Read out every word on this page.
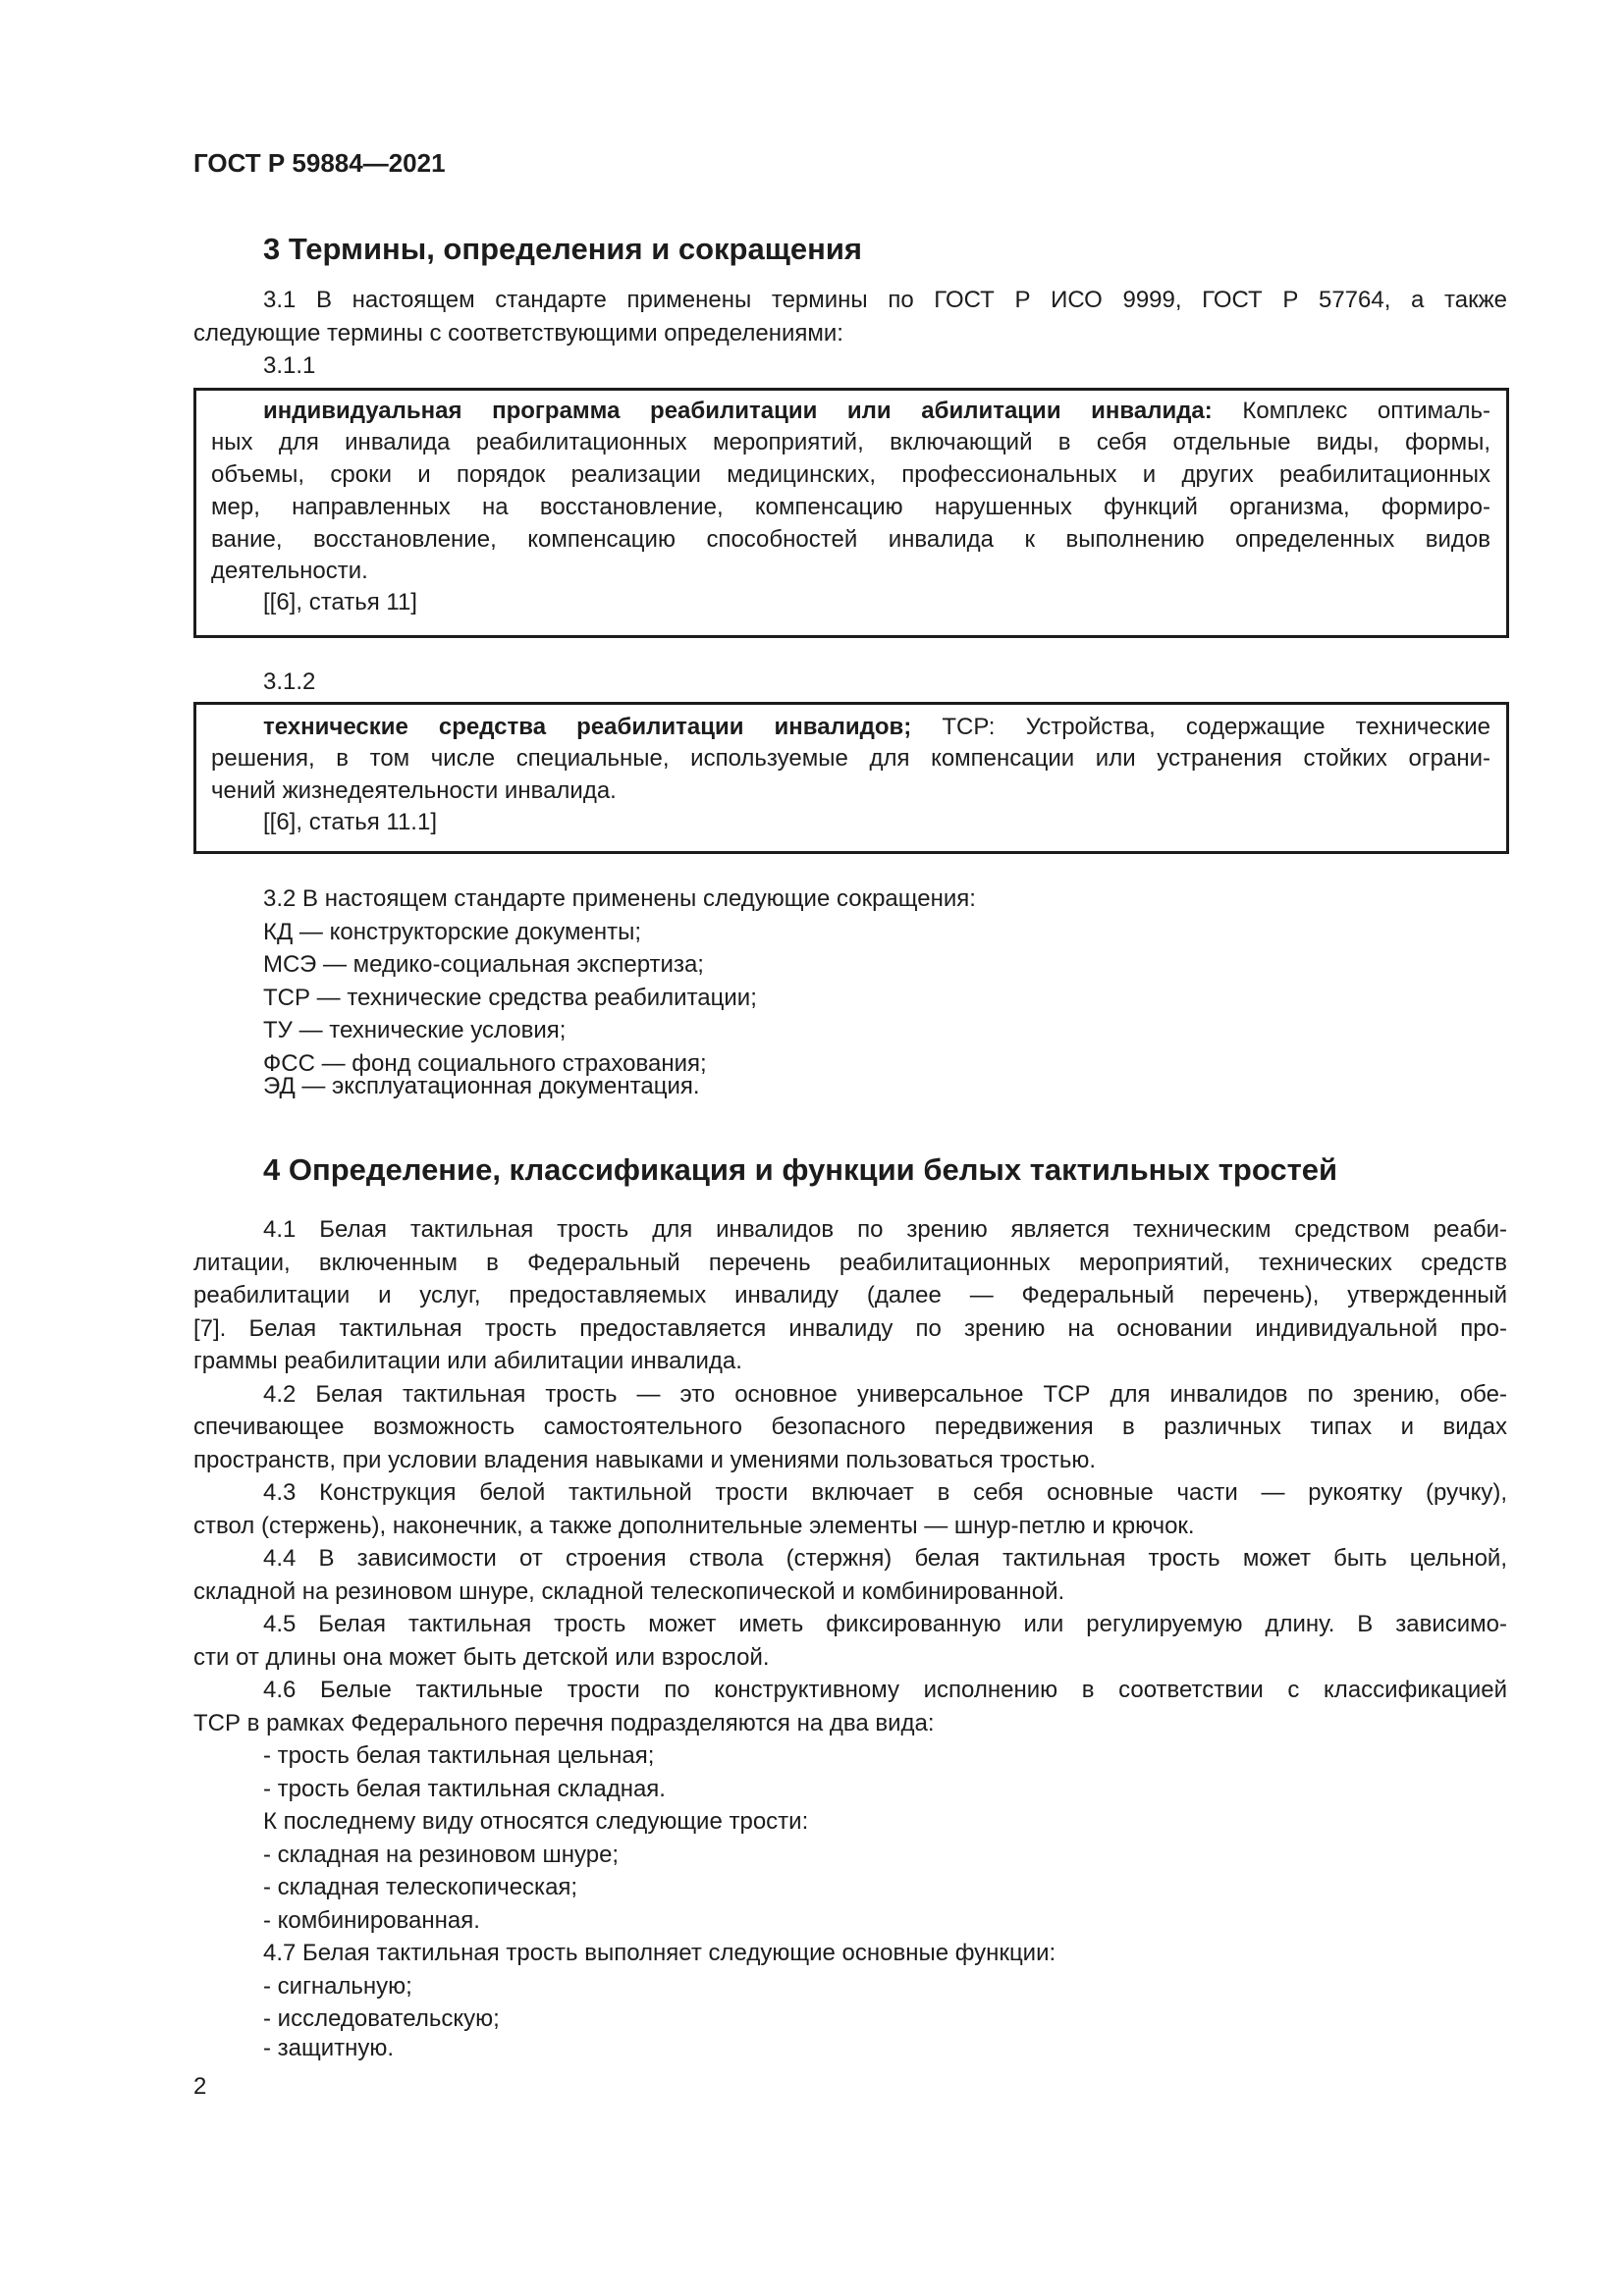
ГОСТ Р 59884—2021
3 Термины, определения и сокращения
3.1 В настоящем стандарте применены термины по ГОСТ Р ИСО 9999, ГОСТ Р 57764, а также
следующие термины с соответствующими определениями:
3.1.1
индивидуальная программа реабилитации или абилитации инвалида: Комплекс оптималь-
ных для инвалида реабилитационных мероприятий, включающий в себя отдельные виды, формы,
объемы, сроки и порядок реализации медицинских, профессиональных и других реабилитационных
мер, направленных на восстановление, компенсацию нарушенных функций организма, формиро-
вание, восстановление, компенсацию способностей инвалида к выполнению определенных видов
деятельности.
[[6], статья 11]
3.1.2
технические средства реабилитации инвалидов; ТСР: Устройства, содержащие технические
решения, в том числе специальные, используемые для компенсации или устранения стойких ограни-
чений жизнедеятельности инвалида.
[[6], статья 11.1]
3.2 В настоящем стандарте применены следующие сокращения:
КД — конструкторские документы;
МСЭ — медико-социальная экспертиза;
ТСР — технические средства реабилитации;
ТУ — технические условия;
ФСС — фонд социального страхования;
ЭД — эксплуатационная документация.
4 Определение, классификация и функции белых тактильных тростей
4.1 Белая тактильная трость для инвалидов по зрению является техническим средством реаби-
литации, включенным в Федеральный перечень реабилитационных мероприятий, технических средств
реабилитации и услуг, предоставляемых инвалиду (далее — Федеральный перечень), утвержденный
[7]. Белая тактильная трость предоставляется инвалиду по зрению на основании индивидуальной про-
граммы реабилитации или абилитации инвалида.
4.2 Белая тактильная трость — это основное универсальное ТСР для инвалидов по зрению, обе-
спечивающее возможность самостоятельного безопасного передвижения в различных типах и видах
пространств, при условии владения навыками и умениями пользоваться тростью.
4.3 Конструкция белой тактильной трости включает в себя основные части — рукоятку (ручку),
ствол (стержень), наконечник, а также дополнительные элементы — шнур-петлю и крючок.
4.4 В зависимости от строения ствола (стержня) белая тактильная трость может быть цельной,
складной на резиновом шнуре, складной телескопической и комбинированной.
4.5 Белая тактильная трость может иметь фиксированную или регулируемую длину. В зависимо-
сти от длины она может быть детской или взрослой.
4.6 Белые тактильные трости по конструктивному исполнению в соответствии с классификацией
ТСР в рамках Федерального перечня подразделяются на два вида:
- трость белая тактильная цельная;
- трость белая тактильная складная.
К последнему виду относятся следующие трости:
- складная на резиновом шнуре;
- складная телескопическая;
- комбинированная.
4.7 Белая тактильная трость выполняет следующие основные функции:
- сигнальную;
- исследовательскую;
- защитную.
2
